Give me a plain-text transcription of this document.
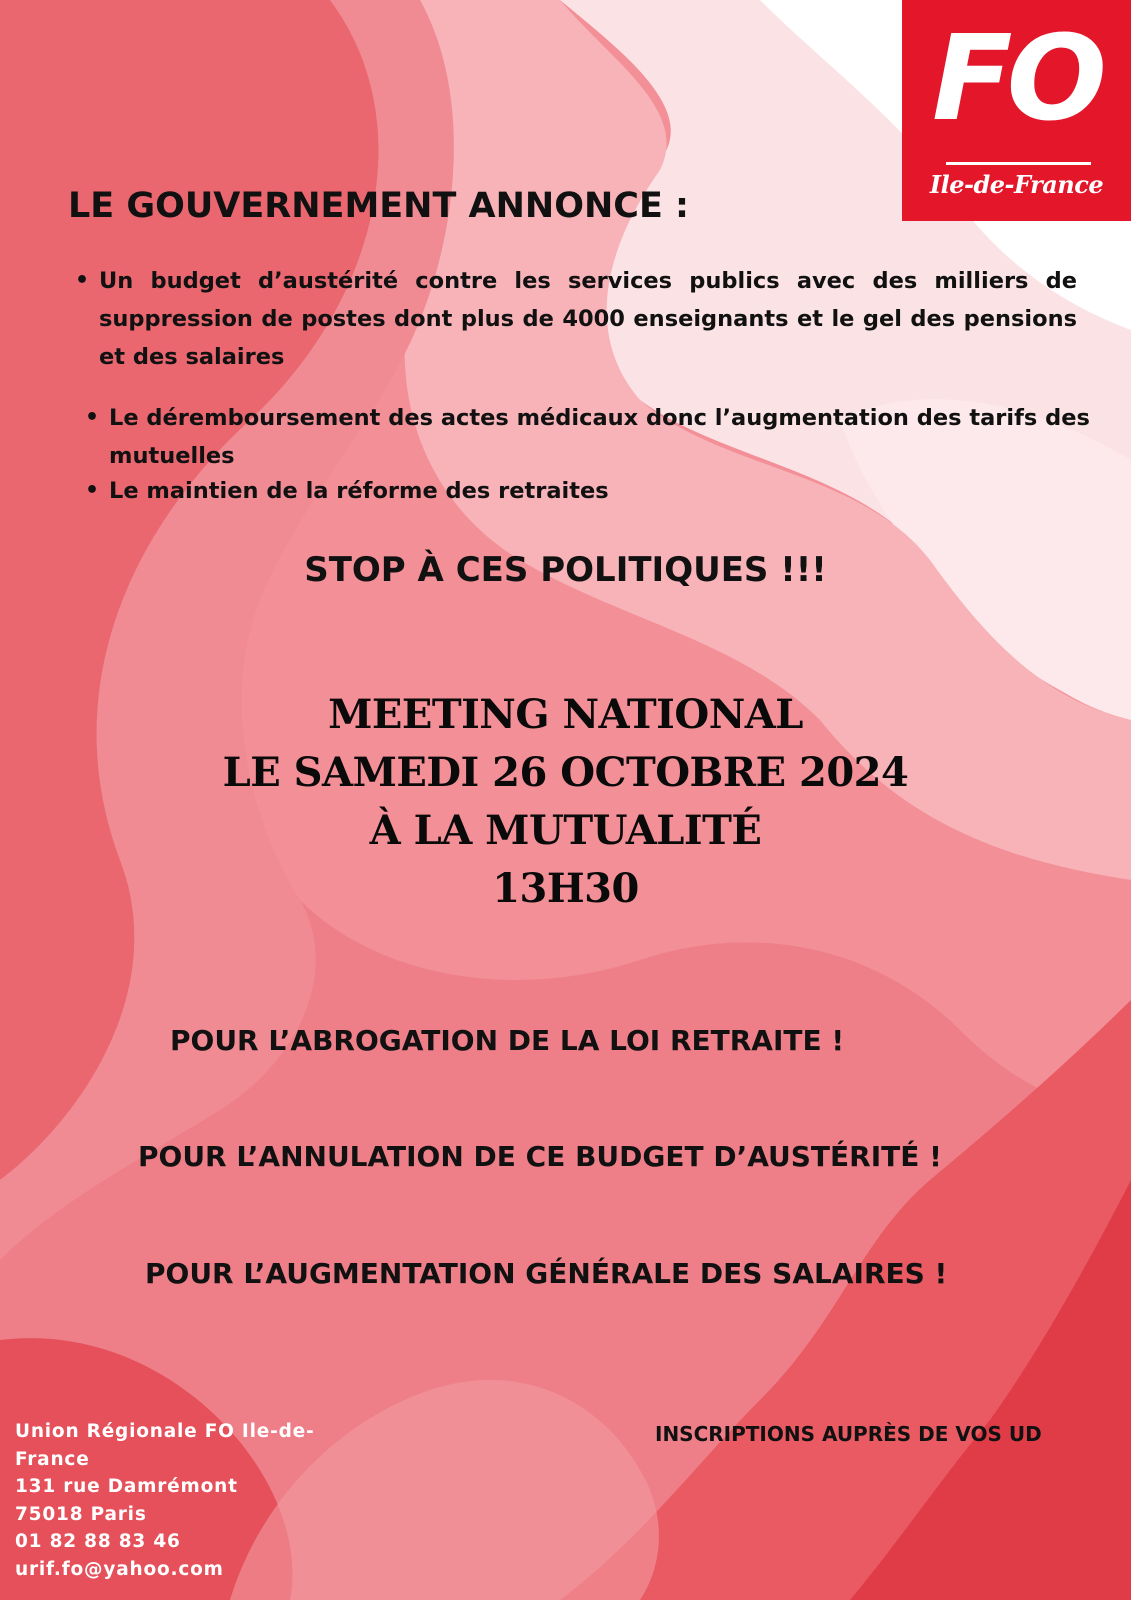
FO
Ile-de-France
LE GOUVERNEMENT ANNONCE :
• Un budget d’austérité contre les services publics avec des milliers de suppression de postes dont plus de 4000 enseignants et le gel des pensions et des salaires
• Le déremboursement des actes médicaux donc l’augmentation des tarifs des mutuelles
• Le maintien de la réforme des retraites
STOP À CES POLITIQUES !!!
MEETING NATIONAL
LE SAMEDI 26 OCTOBRE 2024
À LA MUTUALITÉ
13H30
POUR L’ABROGATION DE LA LOI RETRAITE !
POUR L’ANNULATION DE CE BUDGET D’AUSTÉRITÉ !
POUR L’AUGMENTATION GÉNÉRALE DES SALAIRES !
Union Régionale FO Ile-de-
France
131 rue Damrémont
75018 Paris
01 82 88 83 46
urif.fo@yahoo.com
INSCRIPTIONS AUPRÈS DE VOS UD
